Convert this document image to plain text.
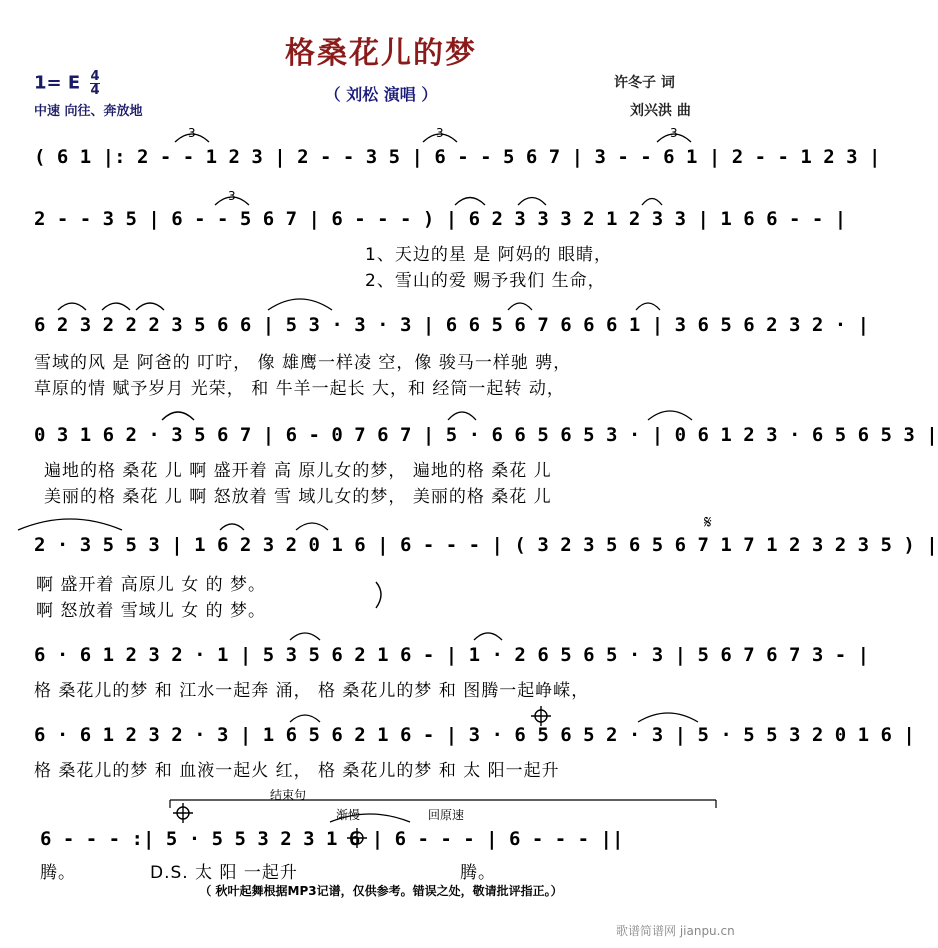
𝄋
格桑花儿的梦
（ 刘松 演唱 ）
1= E $\frac{4}{4}$
中速 向往、奔放地
许冬子 词
刘兴洪 曲
3	3	3
3
( 6 1 |: 2 - - 1 2 3 | 2 - - 3 5 | 6 - - 5 6 7 | 3 - - 6 1 | 2 - - 1 2 3 |
2 - - 3 5 | 6 - - 5 6 7 | 6 - - - ) | 6 2 3 3 3 2 1 2 3 3 | 1 6 6 - - |
1、天边的星 是 阿妈的 眼睛，
2、雪山的爱 赐予我们 生命，
6 2 3 2 2 2 3 5 6 6 | 5 3 · 3 · 3 | 6 6 5 6 7 6 6 6 1 | 3 6 5 6 2 3 2 · |
雪域的风 是 阿爸的 叮咛， 像 雄鹰一样凌 空，像 骏马一样驰 骋，
草原的情 赋予岁月 光荣， 和 牛羊一起长 大，和 经筒一起转 动，
0 3 1 6 2 · 3 5 6 7 | 6 - 0 7 6 7 | 5 · 6 6 5 6 5 3 · | 0 6 1 2 3 · 6 5 6 5 3 |
遍地的格 桑花 儿 啊 盛开着 高 原儿女的梦， 遍地的格 桑花 儿
美丽的格 桑花 儿 啊 怒放着 雪 域儿女的梦， 美丽的格 桑花 儿
2 · 3 5 5 3 | 1 6 2 3 2 0 1 6 | 6 - - - | ( 3 2 3 5 6 5 6 7 1 7 1 2 3 2 3 5 ) |
啊 盛开着 高原儿 女 的 梦。
啊 怒放着 雪域儿 女 的 梦。
6 · 6 1 2 3 2 · 1 | 5 3 5 6 2 1 6 - | 1 · 2 6 5 6 5 · 3 | 5 6 7 6 7 3 - |
格 桑花儿的梦 和 江水一起奔 涌， 格 桑花儿的梦 和 图腾一起峥嵘，
6 · 6 1 2 3 2 · 3 | 1 6 5 6 2 1 6 - | 3 · 6 5 6 5 2 · 3 | 5 · 5 5 3 2 0 1 6 |
格 桑花儿的梦 和 血液一起火 红， 格 桑花儿的梦 和 太 阳一起升
结束句
渐慢	回原速
6 - - - :| 5 · 5 5 3 2 3 1 6 | 6 - - - | 6 - - - ||
腾。	D.S. 太 阳 一起升	腾。
（ 秋叶起舞根据MP3记谱，仅供参考。错误之处，敬请批评指正。）
歌谱简谱网 jianpu.cn
